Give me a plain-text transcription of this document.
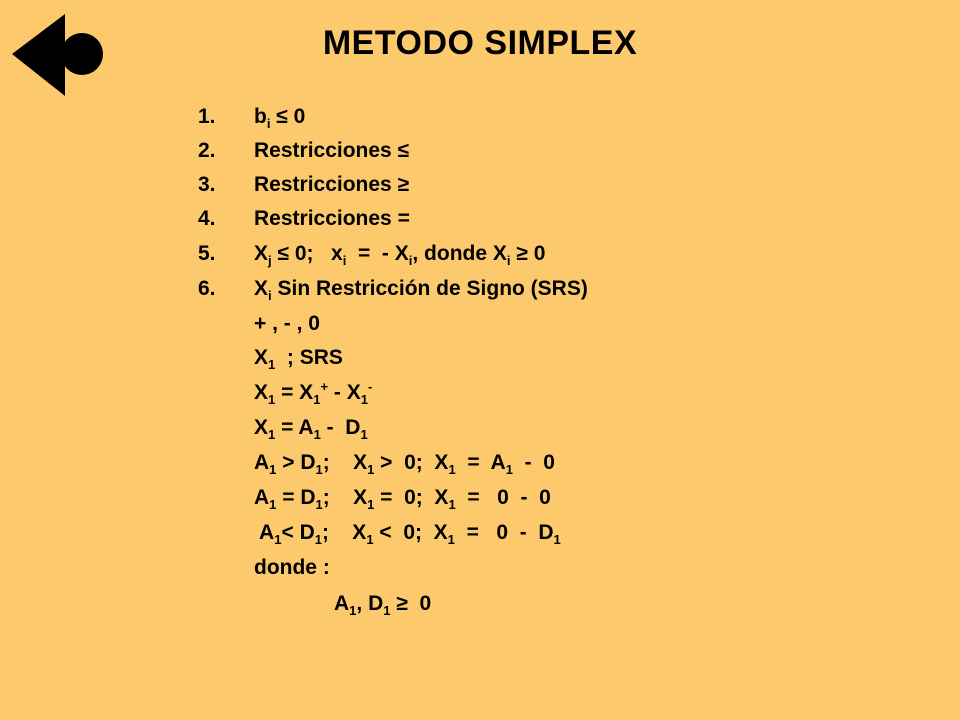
METODO SIMPLEX
1. $b_i \le 0$
2. Restricciones ≤
3. Restricciones ≥
4. Restricciones =
5. $X_j \le 0$;   $x_i$  =  - $X_i$, donde $X_i \ge 0$
6. $X_i$ Sin Restricción de Signo (SRS)
+ , - , 0
$X_1$  ; SRS
$X_1 = X_1^+ - X_1^-$
$X_1 = A_1 - D_1$
$A_1 > D_1$;    $X_1 > 0$;  $X_1 = A_1 - 0$
$A_1 = D_1$;    $X_1 = 0$;  $X_1 = 0 - 0$
$A_1< D_1$;    $X_1 < 0$;  $X_1 = 0 - D_1$
donde :
$A_1$, $D_1 \ge 0$
